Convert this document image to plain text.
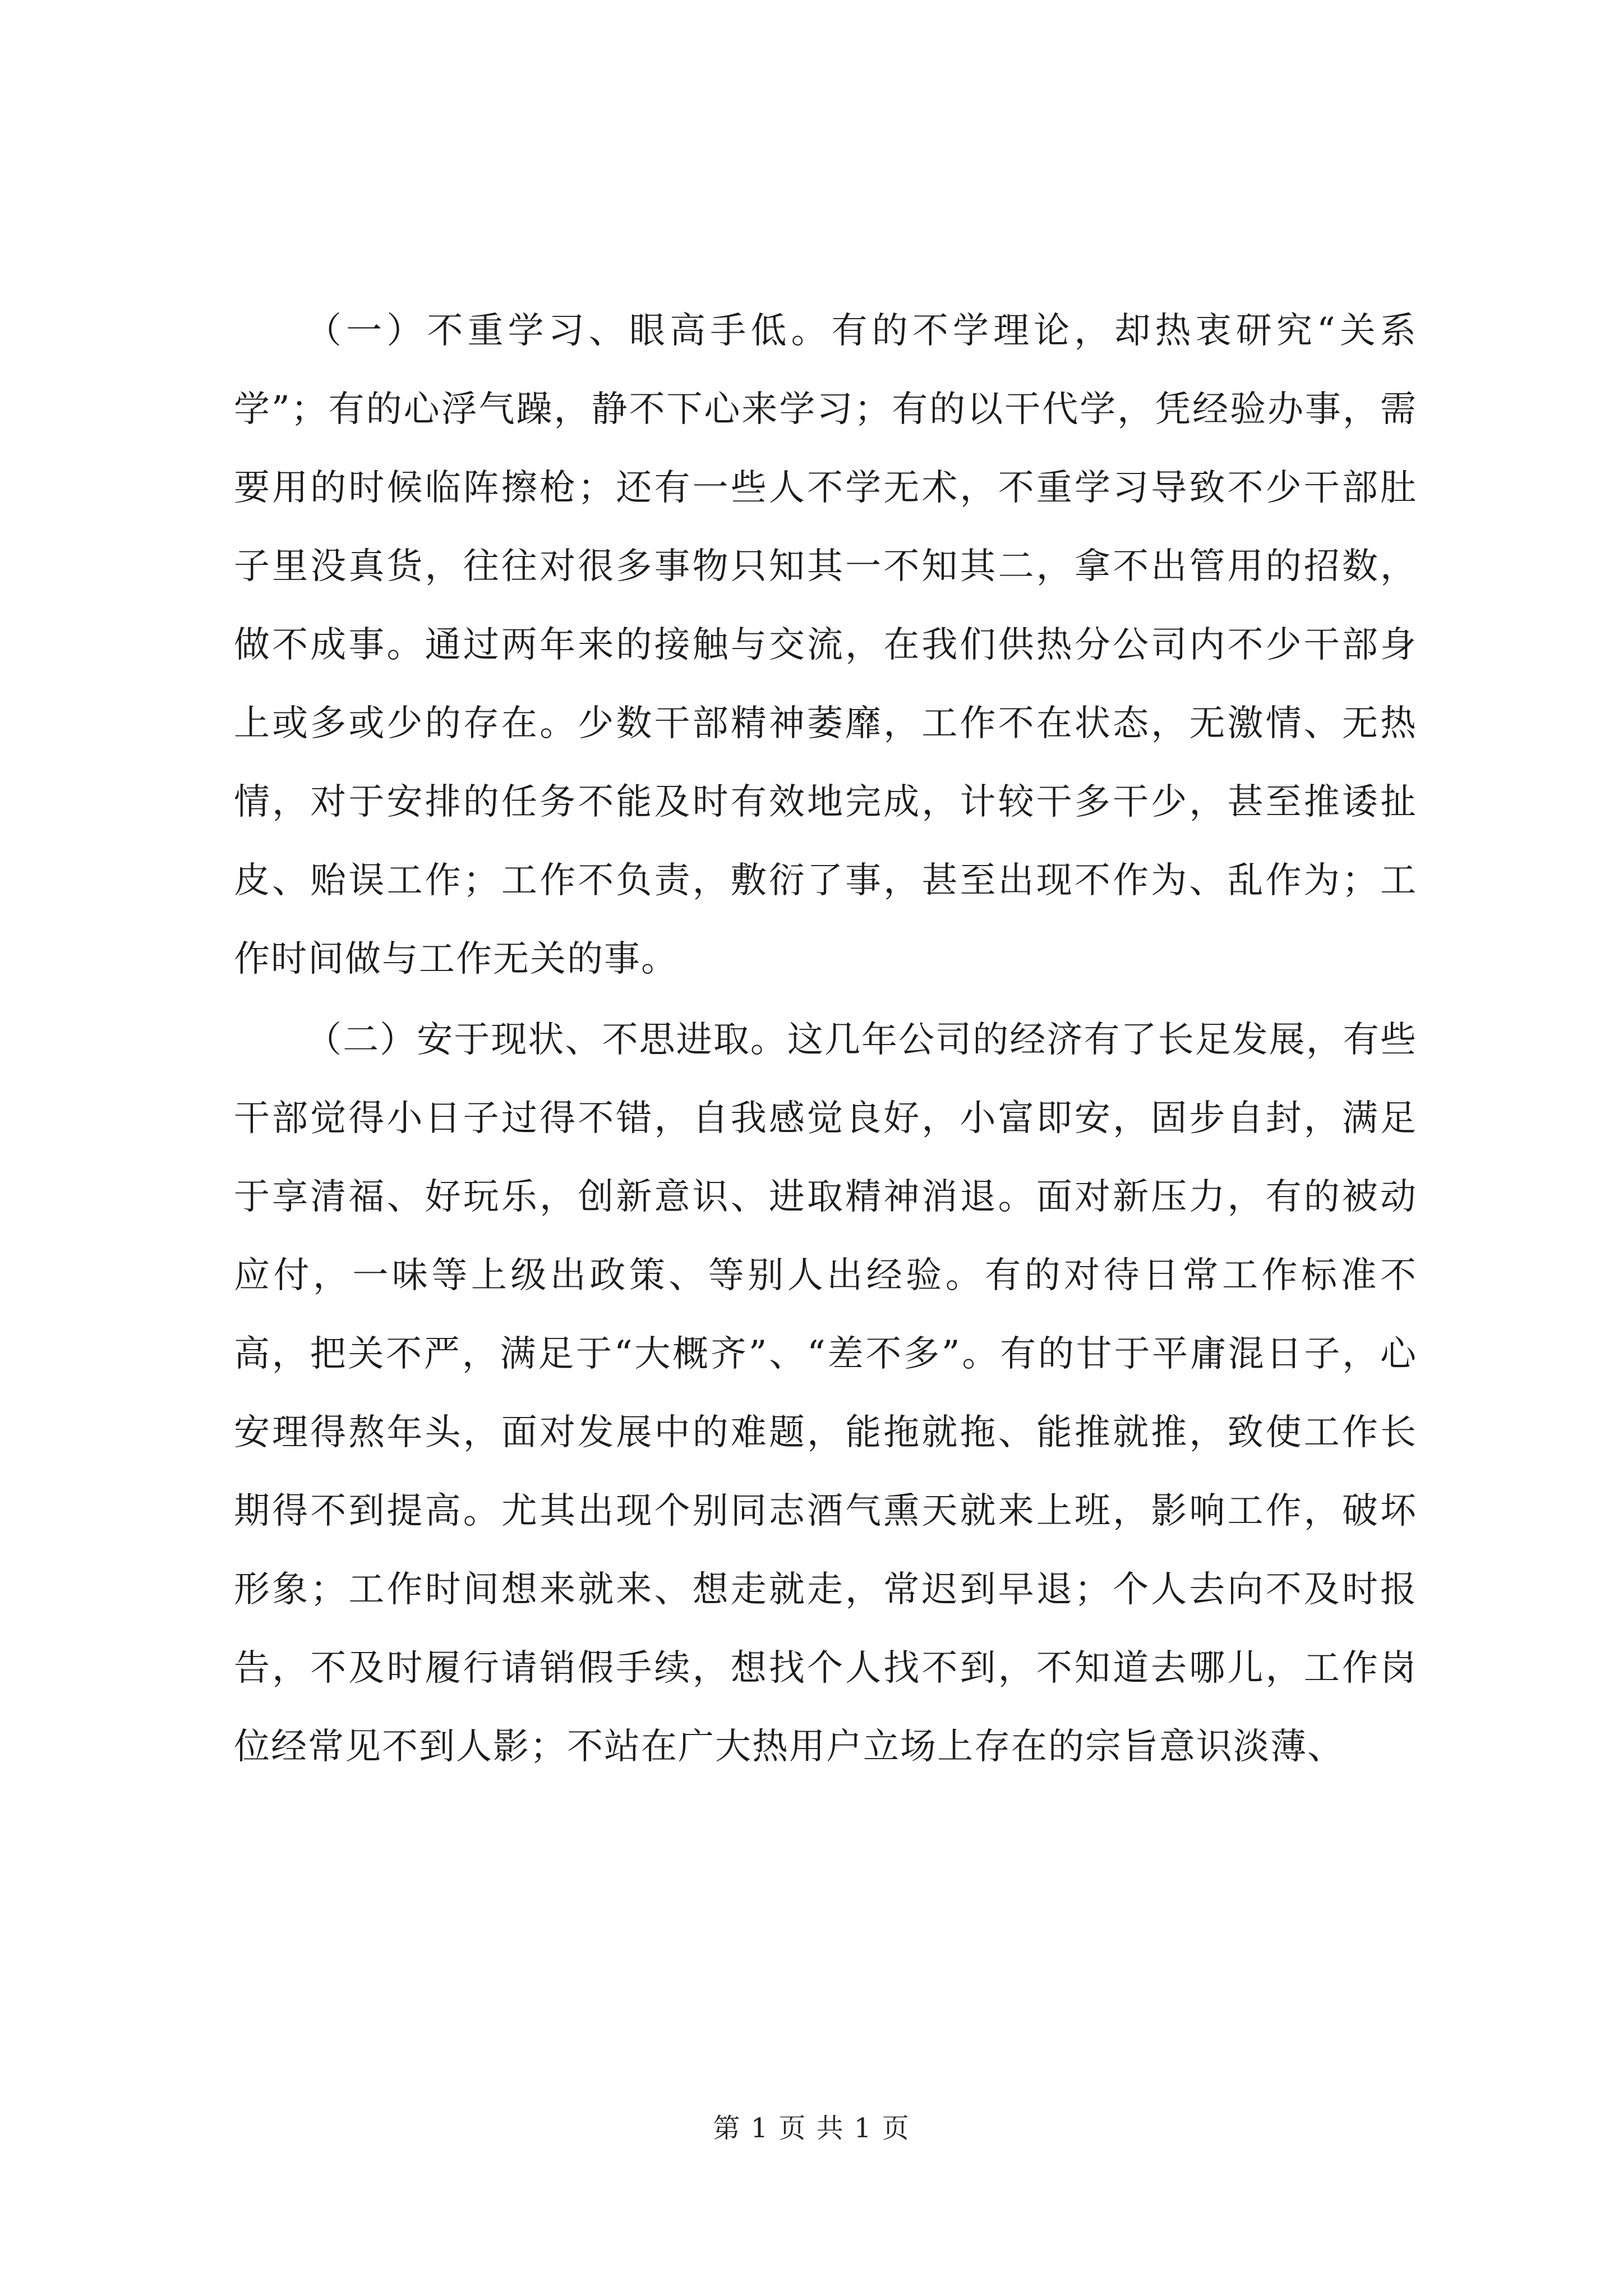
（一）不重学习、眼高手低。有的不学理论，却热衷研究“关系学”；有的心浮气躁，静不下心来学习；有的以干代学，凭经验办事，需要用的时候临阵擦枪；还有一些人不学无术，不重学习导致不少干部肚子里没真货，往往对很多事物只知其一不知其二，拿不出管用的招数，做不成事。通过两年来的接触与交流，在我们供热分公司内不少干部身上或多或少的存在。少数干部精神萎靡，工作不在状态，无激情、无热情，对于安排的任务不能及时有效地完成，计较干多干少，甚至推诿扯皮、贻误工作；工作不负责，敷衍了事，甚至出现不作为、乱作为；工作时间做与工作无关的事。

（二）安于现状、不思进取。这几年公司的经济有了长足发展，有些干部觉得小日子过得不错，自我感觉良好，小富即安，固步自封，满足于享清福、好玩乐，创新意识、进取精神消退。面对新压力，有的被动应付，一味等上级出政策、等别人出经验。有的对待日常工作标准不高，把关不严，满足于“大概齐”、“差不多”。有的甘于平庸混日子，心安理得熬年头，面对发展中的难题，能拖就拖、能推就推，致使工作长期得不到提高。尤其出现个别同志酒气熏天就来上班，影响工作，破坏形象；工作时间想来就来、想走就走，常迟到早退；个人去向不及时报告，不及时履行请销假手续，想找个人找不到，不知道去哪儿，工作岗位经常见不到人影；不站在广大热用户立场上存在的宗旨意识淡薄、

第 1 页 共 1 页
